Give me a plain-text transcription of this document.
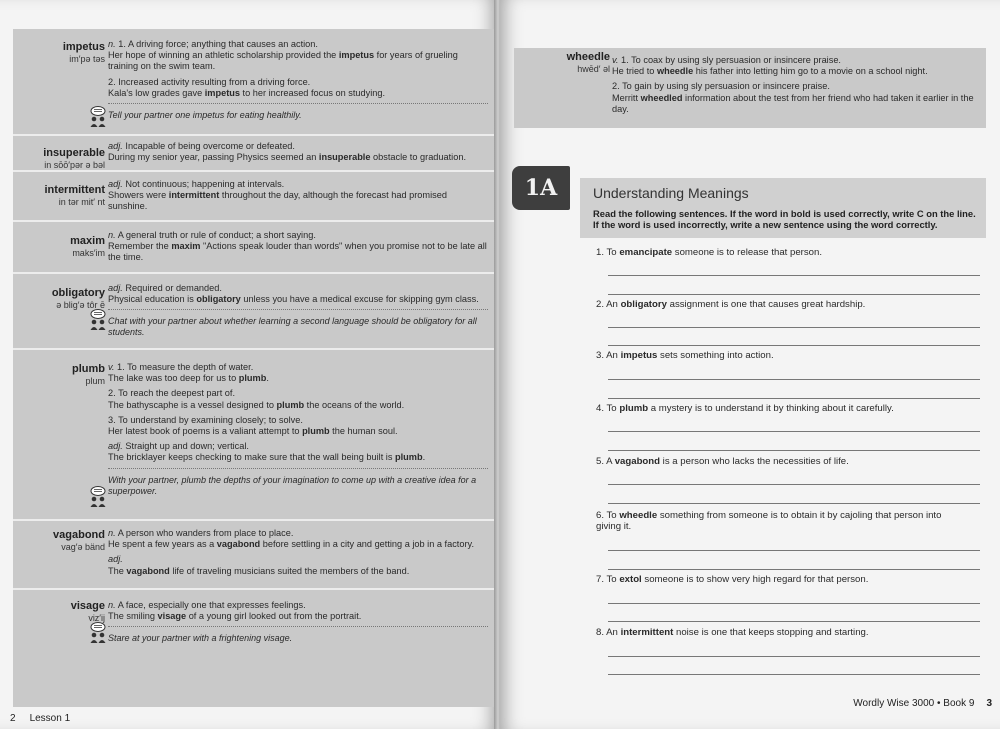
impetus
im′pə təs
n. 1. A driving force; anything that causes an action.
Her hope of winning an athletic scholarship provided the impetus for years of grueling training on the swim team.
2. Increased activity resulting from a driving force.
Kala's low grades gave impetus to her increased focus on studying.
Tell your partner one impetus for eating healthily.
insuperable
in sōō′pər ə bəl
adj. Incapable of being overcome or defeated.
During my senior year, passing Physics seemed an insuperable obstacle to graduation.
intermittent
in tər mit′ nt
adj. Not continuous; happening at intervals.
Showers were intermittent throughout the day, although the forecast had promised sunshine.
maxim
maks′im
n. A general truth or rule of conduct; a short saying.
Remember the maxim "Actions speak louder than words" when you promise not to be late all the time.
obligatory
ə blig′ə tôr ē
adj. Required or demanded.
Physical education is obligatory unless you have a medical excuse for skipping gym class.
Chat with your partner about whether learning a second language should be obligatory for all students.
plumb
plum
v. 1. To measure the depth of water.
The lake was too deep for us to plumb.
2. To reach the deepest part of.
The bathyscaphe is a vessel designed to plumb the oceans of the world.
3. To understand by examining closely; to solve.
Her latest book of poems is a valiant attempt to plumb the human soul.
adj. Straight up and down; vertical.
The bricklayer keeps checking to make sure that the wall being built is plumb.
With your partner, plumb the depths of your imagination to come up with a creative idea for a superpower.
vagabond
vag′ə bänd
n. A person who wanders from place to place.
He spent a few years as a vagabond before settling in a city and getting a job in a factory.
adj.
The vagabond life of traveling musicians suited the members of the band.
visage
viz′ij
n. A face, especially one that expresses feelings.
The smiling visage of a young girl looked out from the portrait.
Stare at your partner with a frightening visage.
2 Lesson 1
wheedle
hwēd′ əl
v. 1. To coax by using sly persuasion or insincere praise.
He tried to wheedle his father into letting him go to a movie on a school night.
2. To gain by using sly persuasion or insincere praise.
Merritt wheedled information about the test from her friend who had taken it earlier in the day.
1A	Understanding Meanings
Read the following sentences. If the word in bold is used correctly, write C on the line. If the word is used incorrectly, write a new sentence using the word correctly.
1. To emancipate someone is to release that person.
2. An obligatory assignment is one that causes great hardship.
3. An impetus sets something into action.
4. To plumb a mystery is to understand it by thinking about it carefully.
5. A vagabond is a person who lacks the necessities of life.
6. To wheedle something from someone is to obtain it by cajoling that person into giving it.
7. To extol someone is to show very high regard for that person.
8. An intermittent noise is one that keeps stopping and starting.
Wordly Wise 3000 • Book 9 3
